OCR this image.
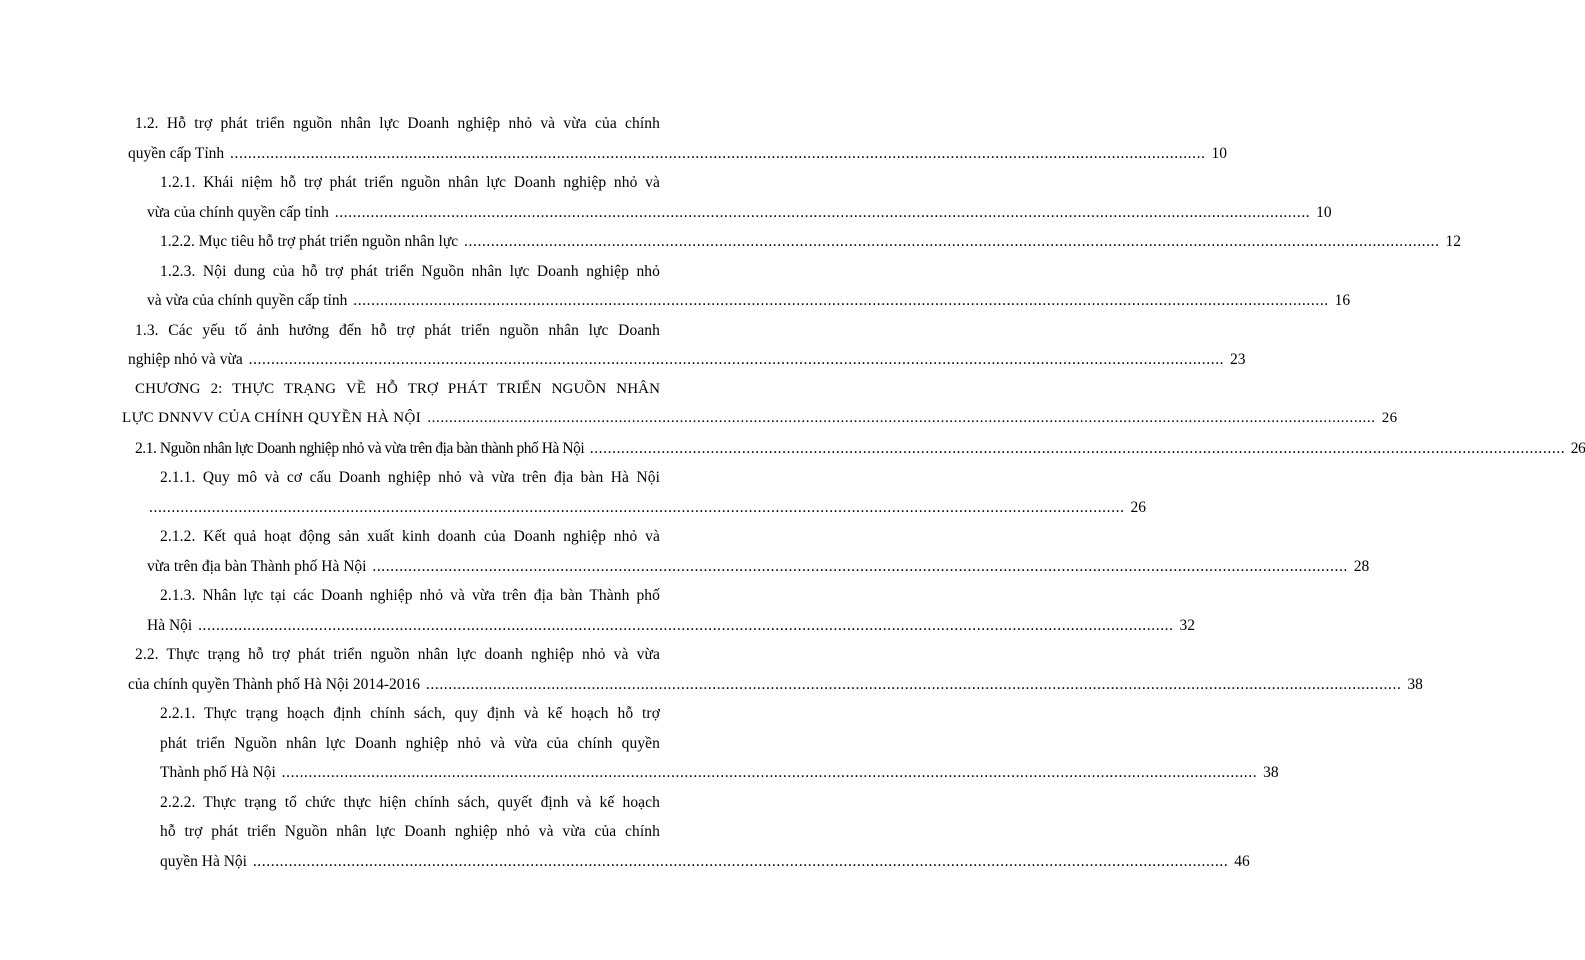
1.2. Hỗ trợ phát triển nguồn nhân lực Doanh nghiệp nhỏ và vừa của chính
quyền cấp Tỉnh .....	10
1.2.1. Khái niệm hỗ trợ phát triển nguồn nhân lực Doanh nghiệp nhỏ và
vừa của chính quyền cấp tỉnh .....	10
1.2.2. Mục tiêu hỗ trợ phát triển nguồn nhân lực .....	12
1.2.3. Nội dung của hỗ trợ phát triển Nguồn nhân lực Doanh nghiệp nhỏ
và vừa của chính quyền cấp tỉnh .....	16
1.3. Các yếu tố ảnh hưởng đến hỗ trợ phát triển nguồn nhân lực Doanh
nghiệp nhỏ và vừa .....	23
CHƯƠNG 2: THỰC TRẠNG VỀ HỖ TRỢ PHÁT TRIỂN NGUỒN NHÂN
LỰC DNNVV CỦA CHÍNH QUYỀN HÀ NỘI .....	26
2.1. Nguồn nhân lực Doanh nghiệp nhỏ và vừa trên địa bàn thành phố Hà Nội .....	26
2.1.1. Quy mô và cơ cấu Doanh nghiệp nhỏ và vừa trên địa bàn Hà Nội
..... 26
2.1.2. Kết quả hoạt động sản xuất kinh doanh của Doanh nghiệp nhỏ và
vừa trên địa bàn Thành phố Hà Nội .....	28
2.1.3. Nhân lực tại các Doanh nghiệp nhỏ và vừa trên địa bàn Thành phố
Hà Nội .....	32
2.2. Thực trạng hỗ trợ phát triển nguồn nhân lực doanh nghiệp nhỏ và vừa
của chính quyền Thành phố Hà Nội 2014-2016 .....	38
2.2.1. Thực trạng hoạch định chính sách, quy định và kế hoạch hỗ trợ
phát triển Nguồn nhân lực Doanh nghiệp nhỏ và vừa của chính quyền
Thành phố Hà Nội .....	38
2.2.2. Thực trạng tổ chức thực hiện chính sách, quyết định và kế hoạch
hỗ trợ phát triển Nguồn nhân lực Doanh nghiệp nhỏ và vừa của chính
quyền Hà Nội .....	46
